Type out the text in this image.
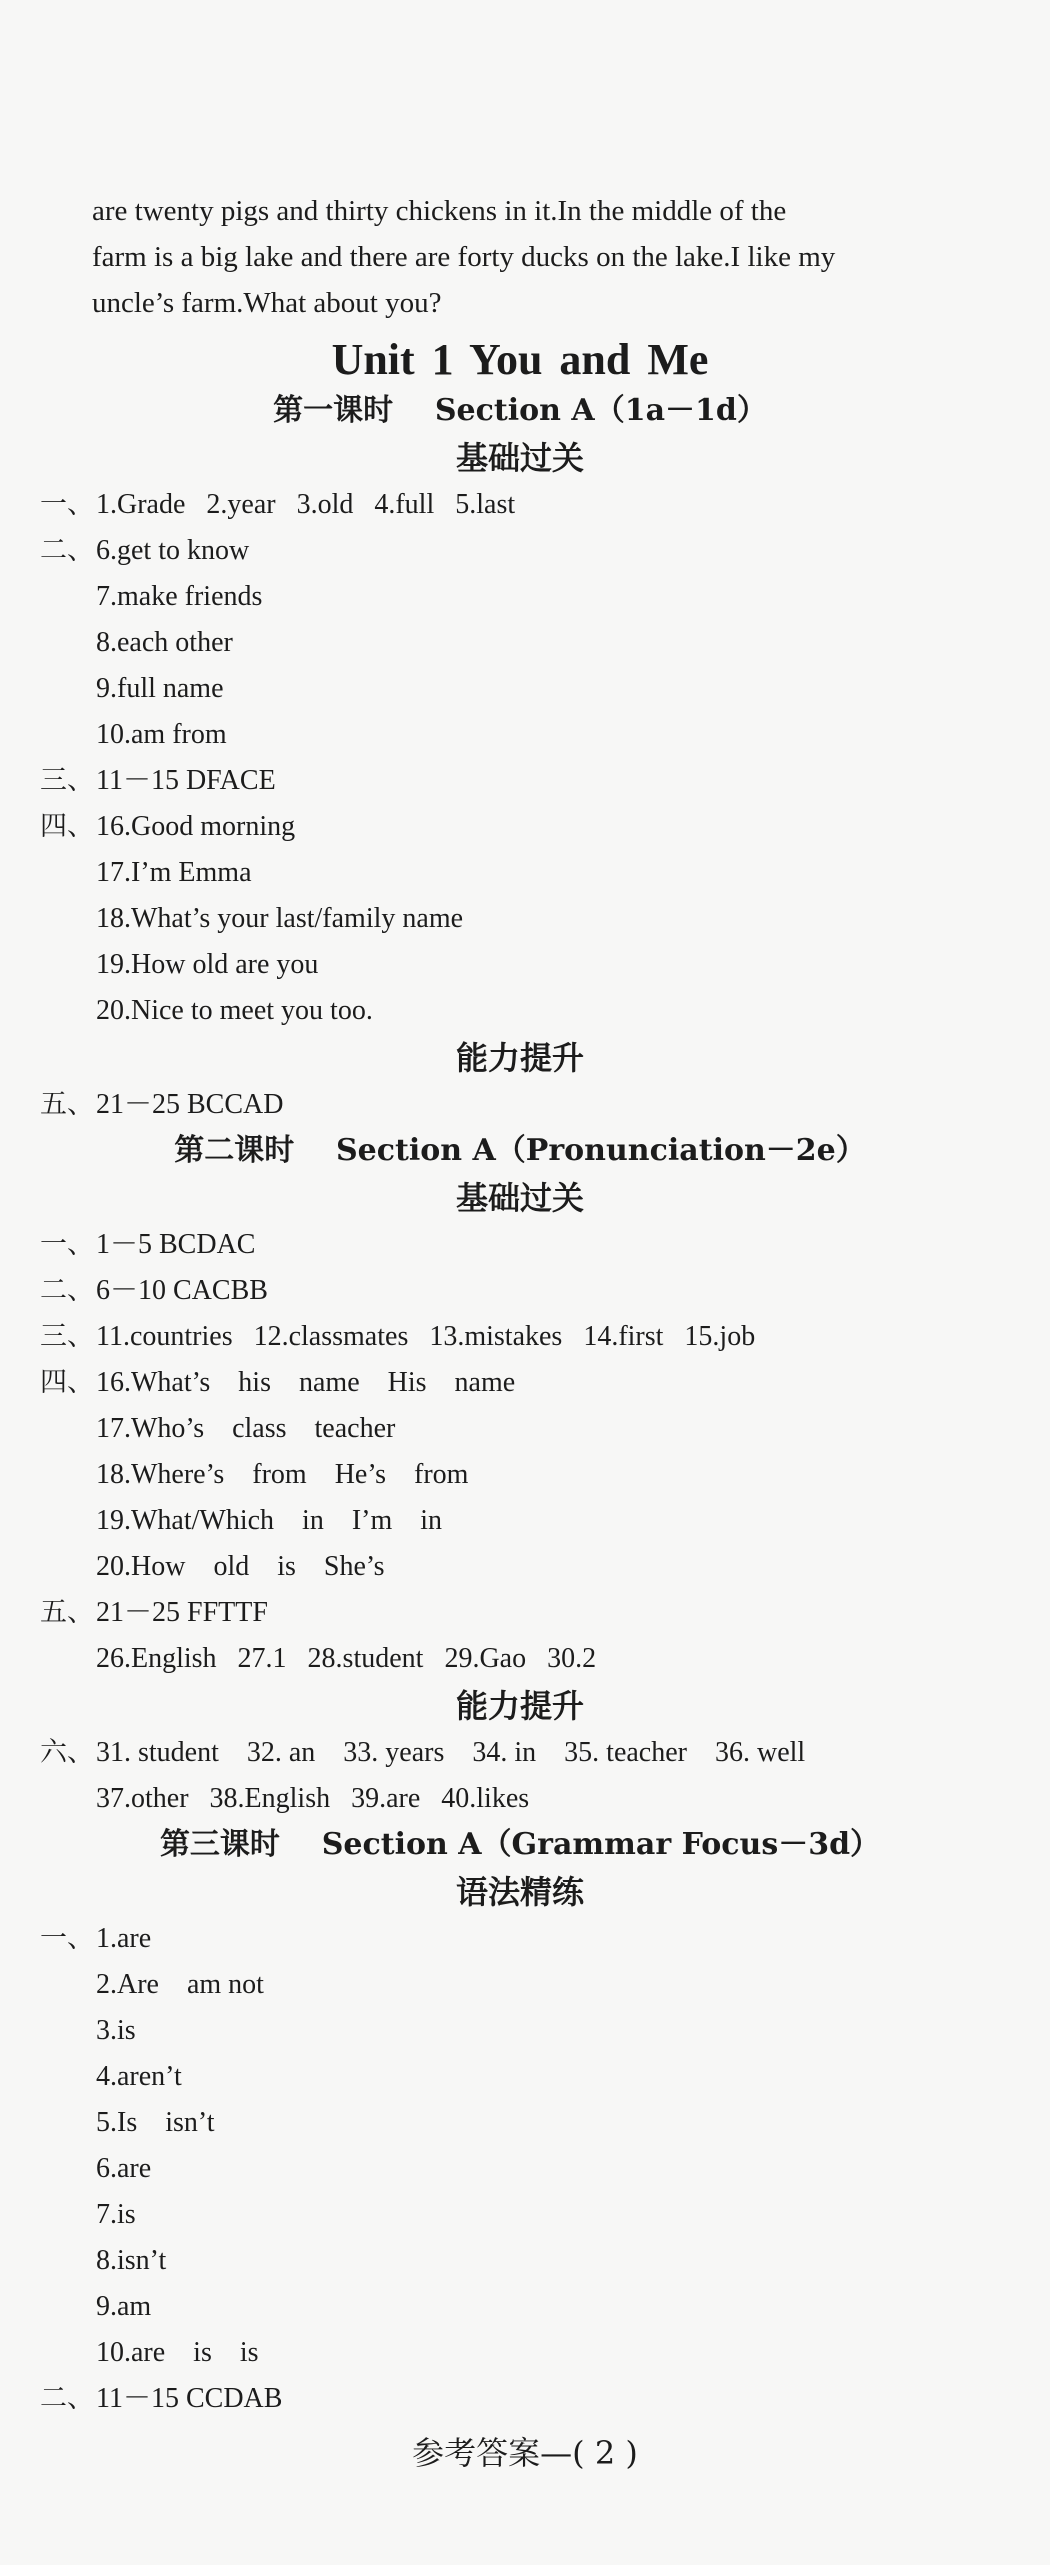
are twenty pigs and thirty chickens in it.In the middle of the

farm is a big lake and there are forty ducks on the lake.I like my

uncle’s farm.What about you?

Unit 1 You and Me
第一课时    Section A（1a－1d）
基础过关
一、1.Grade   2.year   3.old   4.full   5.last
二、6.get to know
7.make friends
8.each other
9.full name
10.am from
三、11－15 DFACE
四、16.Good morning
17.I’m Emma
18.What’s your last/family name
19.How old are you
20.Nice to meet you too.
能力提升
五、21－25 BCCAD
第二课时    Section A（Pronunciation－2e）
基础过关
一、1－5 BCDAC
二、6－10 CACBB
三、11.countries   12.classmates   13.mistakes   14.first   15.job
四、16.What’s    his    name    His    name
17.Who’s    class    teacher
18.Where’s    from    He’s    from
19.What/Which    in    I’m    in
20.How    old    is    She’s
五、21－25 FFTTF
26.English   27.1   28.student   29.Gao   30.2
能力提升
六、31. student    32. an    33. years    34. in    35. teacher    36. well
37.other   38.English   39.are   40.likes
第三课时    Section A（Grammar Focus－3d）
语法精练
一、1.are
2.Are    am not
3.is
4.aren’t
5.Is    isn’t
6.are
7.is
8.isn’t
9.am
10.are    is    is
二、11－15 CCDAB
参考答案—( 2 )
